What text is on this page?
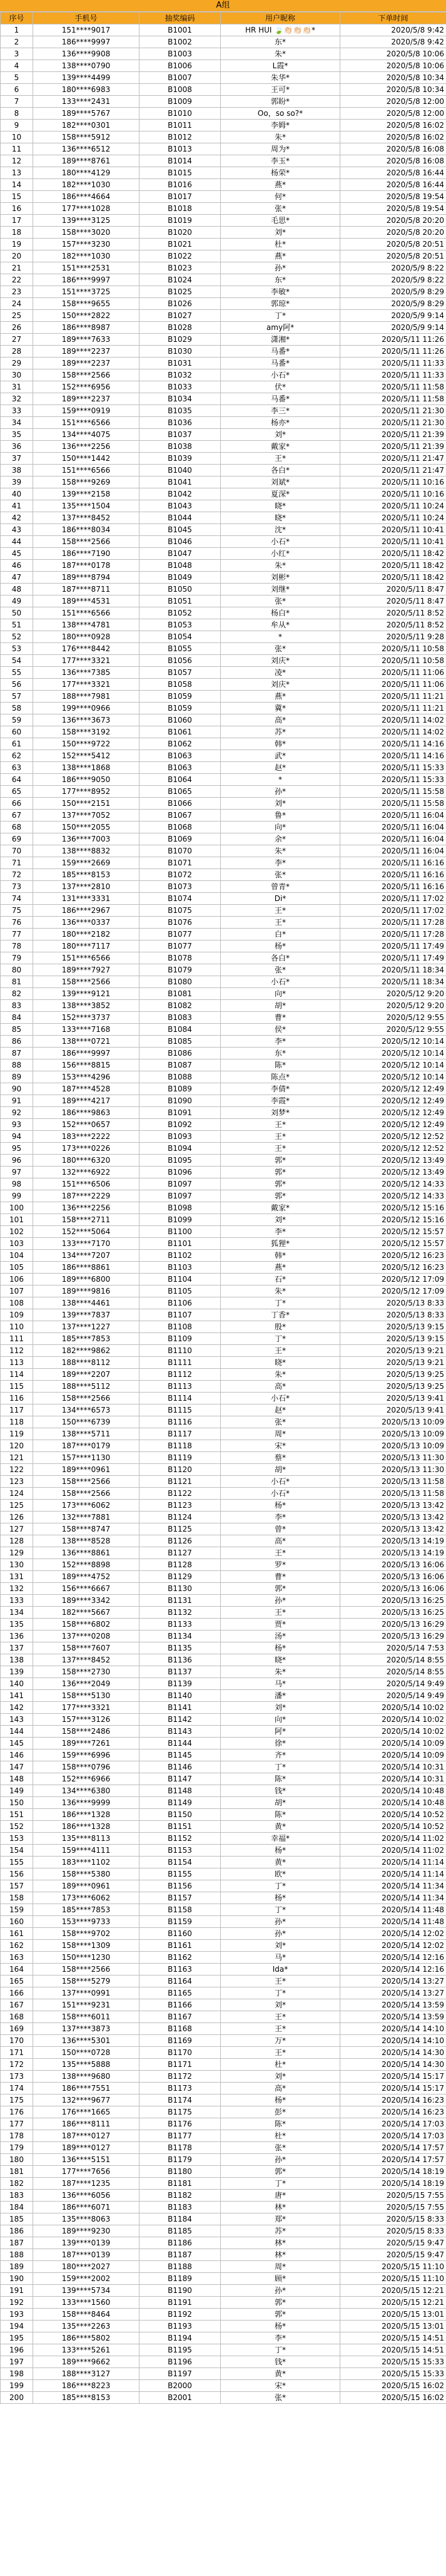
A组
序号	手机号	抽奖编码	用户昵称	下单时间
1	151****9017	B1001	HR HUI 🍃👏🏻👏🏻👏🏻*	2020/5/8 9:42
2	186****9997	B1002	东*	2020/5/8 9:42
3	136****9908	B1003	朱*	2020/5/8 10:06
4	138****0790	B1006	L霞*	2020/5/8 10:06
5	139****4499	B1007	朱华*	2020/5/8 10:34
6	180****6983	B1008	王可*	2020/5/8 10:34
7	133****2431	B1009	郭盼*	2020/5/8 12:00
8	189****5767	B1010	Oo，so so?*	2020/5/8 12:00
9	182****0301	B1011	李姆*	2020/5/8 16:02
10	158****5912	B1012	朱*	2020/5/8 16:02
11	136****6512	B1013	周为*	2020/5/8 16:08
12	189****8761	B1014	李玉*	2020/5/8 16:08
13	180****4129	B1015	杨荣*	2020/5/8 16:44
14	182****1030	B1016	燕*	2020/5/8 16:44
15	186****4664	B1017	何*	2020/5/8 19:54
16	177****1028	B1018	张*	2020/5/8 19:54
17	139****3125	B1019	毛思*	2020/5/8 20:20
18	158****3020	B1020	刘*	2020/5/8 20:20
19	157****3230	B1021	杜*	2020/5/8 20:51
20	182****1030	B1022	燕*	2020/5/8 20:51
21	151****2531	B1023	孙*	2020/5/9 8:22
22	186****9997	B1024	东*	2020/5/9 8:22
23	151****3725	B1025	李敏*	2020/5/9 8:29
24	158****9655	B1026	郭琼*	2020/5/9 8:29
25	150****2822	B1027	丁*	2020/5/9 9:14
26	186****8987	B1028	amy阿*	2020/5/9 9:14
27	189****7633	B1029	潇湘*	2020/5/11 11:26
28	189****2237	B1030	马番*	2020/5/11 11:26
29	189****2237	B1031	马番*	2020/5/11 11:33
30	158****2566	B1032	小石*	2020/5/11 11:33
31	152****6956	B1033	伏*	2020/5/11 11:58
32	189****2237	B1034	马番*	2020/5/11 11:58
33	159****0919	B1035	李三*	2020/5/11 21:30
34	151****6566	B1036	杨亦*	2020/5/11 21:30
35	134****4075	B1037	刘*	2020/5/11 21:39
36	136****2256	B1038	戴家*	2020/5/11 21:39
37	150****1442	B1039	王*	2020/5/11 21:47
38	151****6566	B1040	各白*	2020/5/11 21:47
39	158****9269	B1041	刘斌*	2020/5/11 10:16
40	139****2158	B1042	夏深*	2020/5/11 10:16
41	135****1504	B1043	晓*	2020/5/11 10:24
42	137****8452	B1044	晓*	2020/5/11 10:24
43	186****8034	B1045	沈*	2020/5/11 10:41
44	158****2566	B1046	小石*	2020/5/11 10:41
45	186****7190	B1047	小红*	2020/5/11 18:42
46	187****0178	B1048	朱*	2020/5/11 18:42
47	189****8794	B1049	刘彬*	2020/5/11 18:42
48	187****8711	B1050	刘继*	2020/5/11 8:47
49	189****4531	B1051	张*	2020/5/11 8:47
50	151****6566	B1052	杨白*	2020/5/11 8:52
51	138****4781	B1053	牟从*	2020/5/11 8:52
52	180****0928	B1054	*	2020/5/11 9:28
53	176****8442	B1055	张*	2020/5/11 10:58
54	177****3321	B1056	刘庆*	2020/5/11 10:58
55	136****7385	B1057	凌*	2020/5/11 11:06
56	177****3321	B1058	刘庆*	2020/5/11 11:06
57	188****7981	B1059	燕*	2020/5/11 11:21
58	199****0966	B1059	冀*	2020/5/11 11:21
59	136****3673	B1060	高*	2020/5/11 14:02
60	158****3192	B1061	苏*	2020/5/11 14:02
61	150****9722	B1062	韩*	2020/5/11 14:16
62	152****5412	B1063	武*	2020/5/11 14:16
63	138****1868	B1063	赵*	2020/5/11 15:33
64	186****9050	B1064	*	2020/5/11 15:33
65	177****8952	B1065	孙*	2020/5/11 15:58
66	150****2151	B1066	刘*	2020/5/11 15:58
67	137****7052	B1067	鲁*	2020/5/11 16:04
68	150****2055	B1068	向*	2020/5/11 16:04
69	136****7003	B1069	余*	2020/5/11 16:04
70	138****8832	B1070	朱*	2020/5/11 16:04
71	159****2669	B1071	李*	2020/5/11 16:16
72	185****8153	B1072	张*	2020/5/11 16:16
73	137****2810	B1073	曾青*	2020/5/11 16:16
74	131****3331	B1074	Di*	2020/5/11 17:02
75	186****2967	B1075	王*	2020/5/11 17:02
76	136****0337	B1076	王*	2020/5/11 17:28
77	180****2182	B1077	白*	2020/5/11 17:28
78	180****7117	B1077	杨*	2020/5/11 17:49
79	151****6566	B1078	各白*	2020/5/11 17:49
80	189****7927	B1079	张*	2020/5/11 18:34
81	158****2566	B1080	小石*	2020/5/11 18:34
82	139****9121	B1081	向*	2020/5/12 9:20
83	138****3852	B1082	胡*	2020/5/12 9:20
84	152****3737	B1083	曹*	2020/5/12 9:55
85	133****7168	B1084	侯*	2020/5/12 9:55
86	138****0721	B1085	李*	2020/5/12 10:14
87	186****9997	B1086	东*	2020/5/12 10:14
88	156****8815	B1087	陈*	2020/5/12 10:14
89	153****4296	B1088	陈点*	2020/5/12 10:14
90	187****4528	B1089	李倩*	2020/5/12 12:49
91	189****4217	B1090	李霞*	2020/5/12 12:49
92	186****9863	B1091	刘梦*	2020/5/12 12:49
93	152****0657	B1092	王*	2020/5/12 12:49
94	183****2222	B1093	王*	2020/5/12 12:52
95	173****0226	B1094	王*	2020/5/12 12:52
96	180****6320	B1095	郭*	2020/5/12 13:49
97	132****6922	B1096	郭*	2020/5/12 13:49
98	151****6506	B1097	郭*	2020/5/12 14:33
99	187****2229	B1097	郭*	2020/5/12 14:33
100	136****2256	B1098	戴家*	2020/5/12 15:16
101	158****2711	B1099	刘*	2020/5/12 15:16
102	152****5064	B1100	李*	2020/5/12 15:57
103	133****7170	B1101	狐狸*	2020/5/12 15:57
104	134****7207	B1102	韩*	2020/5/12 16:23
105	186****8861	B1103	燕*	2020/5/12 16:23
106	189****6800	B1104	石*	2020/5/12 17:09
107	189****9816	B1105	朱*	2020/5/12 17:09
108	138****4461	B1106	丁*	2020/5/13 8:33
109	139****7837	B1107	丁香*	2020/5/13 8:33
110	137****1227	B1108	殷*	2020/5/13 9:15
111	185****7853	B1109	丁*	2020/5/13 9:15
112	182****9862	B1110	王*	2020/5/13 9:21
113	188****8112	B1111	晓*	2020/5/13 9:21
114	189****2207	B1112	朱*	2020/5/13 9:25
115	188****5112	B1113	高*	2020/5/13 9:25
116	158****2566	B1114	小石*	2020/5/13 9:41
117	134****6573	B1115	赵*	2020/5/13 9:41
118	150****6739	B1116	张*	2020/5/13 10:09
119	138****5711	B1117	周*	2020/5/13 10:09
120	187****0179	B1118	宋*	2020/5/13 10:09
121	157****1130	B1119	蔡*	2020/5/13 11:30
122	189****0961	B1120	胡*	2020/5/13 11:30
123	158****2566	B1121	小石*	2020/5/13 11:58
124	158****2566	B1122	小石*	2020/5/13 11:58
125	173****6062	B1123	杨*	2020/5/13 13:42
126	132****7881	B1124	李*	2020/5/13 13:42
127	158****8747	B1125	曾*	2020/5/13 13:42
128	138****8528	B1126	高*	2020/5/13 14:19
129	136****8861	B1127	王*	2020/5/13 14:19
130	152****8898	B1128	罗*	2020/5/13 16:06
131	189****4752	B1129	曹*	2020/5/13 16:06
132	156****6667	B1130	郭*	2020/5/13 16:06
133	189****3342	B1131	孙*	2020/5/13 16:25
134	182****5667	B1132	王*	2020/5/13 16:25
135	158****6802	B1133	贾*	2020/5/13 16:29
136	137****0208	B1134	汤*	2020/5/13 16:29
137	158****7607	B1135	杨*	2020/5/14 7:53
138	137****8452	B1136	晓*	2020/5/14 8:55
139	158****2730	B1137	朱*	2020/5/14 8:55
140	136****2049	B1139	马*	2020/5/14 9:49
141	158****5130	B1140	潘*	2020/5/14 9:49
142	177****3321	B1141	刘*	2020/5/14 10:02
143	157****3126	B1142	向*	2020/5/14 10:02
144	158****2486	B1143	阿*	2020/5/14 10:02
145	189****7261	B1144	徐*	2020/5/14 10:09
146	159****6996	B1145	齐*	2020/5/14 10:09
147	158****0796	B1146	丁*	2020/5/14 10:31
148	152****6966	B1147	陈*	2020/5/14 10:31
149	134****6380	B1148	钱*	2020/5/14 10:48
150	136****9999	B1149	胡*	2020/5/14 10:48
151	186****1328	B1150	陈*	2020/5/14 10:52
152	186****1328	B1151	黄*	2020/5/14 10:52
153	135****8113	B1152	幸福*	2020/5/14 11:02
154	159****4111	B1153	杨*	2020/5/14 11:02
155	183****1102	B1154	黄*	2020/5/14 11:14
156	158****5380	B1155	欧*	2020/5/14 11:14
157	189****0961	B1156	丁*	2020/5/14 11:34
158	173****6062	B1157	杨*	2020/5/14 11:34
159	185****7853	B1158	丁*	2020/5/14 11:48
160	153****9733	B1159	孙*	2020/5/14 11:48
161	158****9702	B1160	孙*	2020/5/14 12:02
162	158****1309	B1161	刘*	2020/5/14 12:02
163	150****1230	B1162	马*	2020/5/14 12:16
164	158****2566	B1163	Ida*	2020/5/14 12:16
165	158****5279	B1164	王*	2020/5/14 13:27
166	137****0991	B1165	丁*	2020/5/14 13:27
167	151****9231	B1166	刘*	2020/5/14 13:59
168	158****6011	B1167	王*	2020/5/14 13:59
169	137****3873	B1168	王*	2020/5/14 14:10
170	136****5301	B1169	万*	2020/5/14 14:10
171	150****0728	B1170	王*	2020/5/14 14:30
172	135****5888	B1171	杜*	2020/5/14 14:30
173	138****9680	B1172	刘*	2020/5/14 15:17
174	186****7551	B1173	高*	2020/5/14 15:17
175	132****9677	B1174	杨*	2020/5/14 16:23
176	176****1665	B1175	彭*	2020/5/14 16:23
177	186****8111	B1176	陈*	2020/5/14 17:03
178	187****0127	B1177	杜*	2020/5/14 17:03
179	189****0127	B1178	张*	2020/5/14 17:57
180	136****5151	B1179	孙*	2020/5/14 17:57
181	177****7656	B1180	郭*	2020/5/14 18:19
182	187****1235	B1181	丁*	2020/5/14 18:19
183	136****6056	B1182	唐*	2020/5/15 7:55
184	186****6071	B1183	林*	2020/5/15 7:55
185	135****8063	B1184	郑*	2020/5/15 8:33
186	189****9230	B1185	苏*	2020/5/15 8:33
187	139****0139	B1186	林*	2020/5/15 9:47
188	187****0139	B1187	林*	2020/5/15 9:47
189	180****2027	B1188	周*	2020/5/15 11:10
190	159****2002	B1189	顾*	2020/5/15 11:10
191	139****5734	B1190	孙*	2020/5/15 12:21
192	133****1560	B1191	郭*	2020/5/15 12:21
193	158****8464	B1192	郭*	2020/5/15 13:01
194	135****2263	B1193	杨*	2020/5/15 13:01
195	186****5802	B1194	李*	2020/5/15 14:51
196	133****5261	B1195	丁*	2020/5/15 14:51
197	189****9662	B1196	钱*	2020/5/15 15:33
198	188****3127	B1197	黄*	2020/5/15 15:33
199	186****8223	B2000	宋*	2020/5/15 16:02
200	185****8153	B2001	张*	2020/5/15 16:02
